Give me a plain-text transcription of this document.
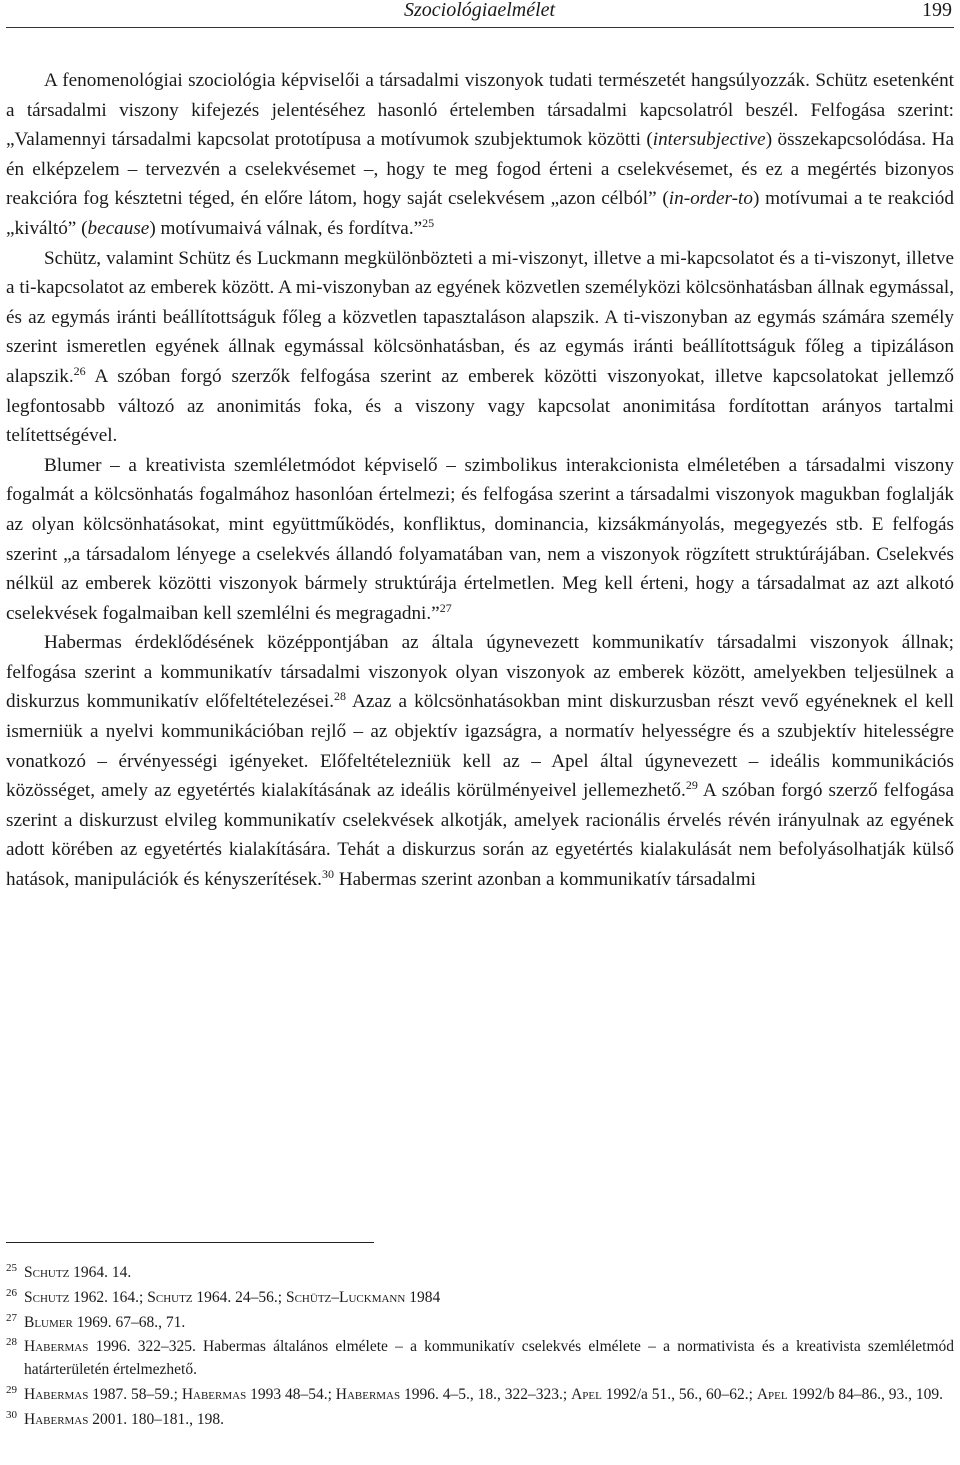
Szociológiaelmélet	199

A fenomenológiai szociológia képviselői a társadalmi viszonyok tudati természetét hangsúlyozzák. Schütz esetenként a társadalmi viszony kifejezés jelentéséhez hasonló értelemben társadalmi kapcsolatról beszél. Felfogása szerint: „Valamennyi társadalmi kapcsolat prototípusa a motívumok szubjektumok közötti (intersubjective) összekapcsolódása. Ha én elképzelem – tervezvén a cselekvésemet –, hogy te meg fogod érteni a cselekvésemet, és ez a megértés bizonyos reakcióra fog késztetni téged, én előre látom, hogy saját cselekvésem „azon célból” (in-order-to) motívumai a te reakciód „kiváltó” (because) motívumaivá válnak, és fordítva.”$^{25}$

Schütz, valamint Schütz és Luckmann megkülönbözteti a mi-viszonyt, illetve a mi-kapcsolatot és a ti-viszonyt, illetve a ti-kapcsolatot az emberek között. A mi-viszonyban az egyének közvetlen személyközi kölcsönhatásban állnak egymással, és az egymás iránti beállítottságuk főleg a közvetlen tapasztaláson alapszik. A ti-viszonyban az egymás számára személy szerint ismeretlen egyének állnak egymással kölcsönhatásban, és az egymás iránti beállítottságuk főleg a tipizáláson alapszik.$^{26}$ A szóban forgó szerzők felfogása szerint az emberek közötti viszonyokat, illetve kapcsolatokat jellemző legfontosabb változó az anonimitás foka, és a viszony vagy kapcsolat anonimitása fordítottan arányos tartalmi telítettségével.

Blumer – a kreativista szemléletmódot képviselő – szimbolikus interakcionista elméletében a társadalmi viszony fogalmát a kölcsönhatás fogalmához hasonlóan értelmezi; és felfogása szerint a társadalmi viszonyok magukban foglalják az olyan kölcsönhatásokat, mint együttműködés, konfliktus, dominancia, kizsákmányolás, megegyezés stb. E felfogás szerint „a társadalom lényege a cselekvés állandó folyamatában van, nem a viszonyok rögzített struktúrájában. Cselekvés nélkül az emberek közötti viszonyok bármely struktúrája értelmetlen. Meg kell érteni, hogy a társadalmat az azt alkotó cselekvések fogalmaiban kell szemlélni és megragadni.”$^{27}$

Habermas érdeklődésének középpontjában az általa úgynevezett kommunikatív társadalmi viszonyok állnak; felfogása szerint a kommunikatív társadalmi viszonyok olyan viszonyok az emberek között, amelyekben teljesülnek a diskurzus kommunikatív előfeltételezései.$^{28}$ Azaz a kölcsönhatásokban mint diskurzusban részt vevő egyéneknek el kell ismerniük a nyelvi kommunikációban rejlő – az objektív igazságra, a normatív helyességre és a szubjektív hitelességre vonatkozó – érvényességi igényeket. Előfeltételezniük kell az – Apel által úgynevezett – ideális kommunikációs közösséget, amely az egyetértés kialakításának az ideális körülményeivel jellemezhető.$^{29}$ A szóban forgó szerző felfogása szerint a diskurzust elvileg kommunikatív cselekvések alkotják, amelyek racionális érvelés révén irányulnak az egyének adott körében az egyetértés kialakítására. Tehát a diskurzus során az egyetértés kialakulását nem befolyásolhatják külső hatások, manipulációk és kényszerítések.$^{30}$ Habermas szerint azonban a kommunikatív társadalmi

25 Schutz 1964. 14.
26 Schutz 1962. 164.; Schutz 1964. 24–56.; Schütz–Luckmann 1984
27 Blumer 1969. 67–68., 71.
28 Habermas 1996. 322–325. Habermas általános elmélete – a kommunikatív cselekvés elmélete – a normativista és a kreativista szemléletmód határterületén értelmezhető.
29 Habermas 1987. 58–59.; Habermas 1993 48–54.; Habermas 1996. 4–5., 18., 322–323.; Apel 1992/a 51., 56., 60–62.; Apel 1992/b 84–86., 93., 109.
30 Habermas 2001. 180–181., 198.
